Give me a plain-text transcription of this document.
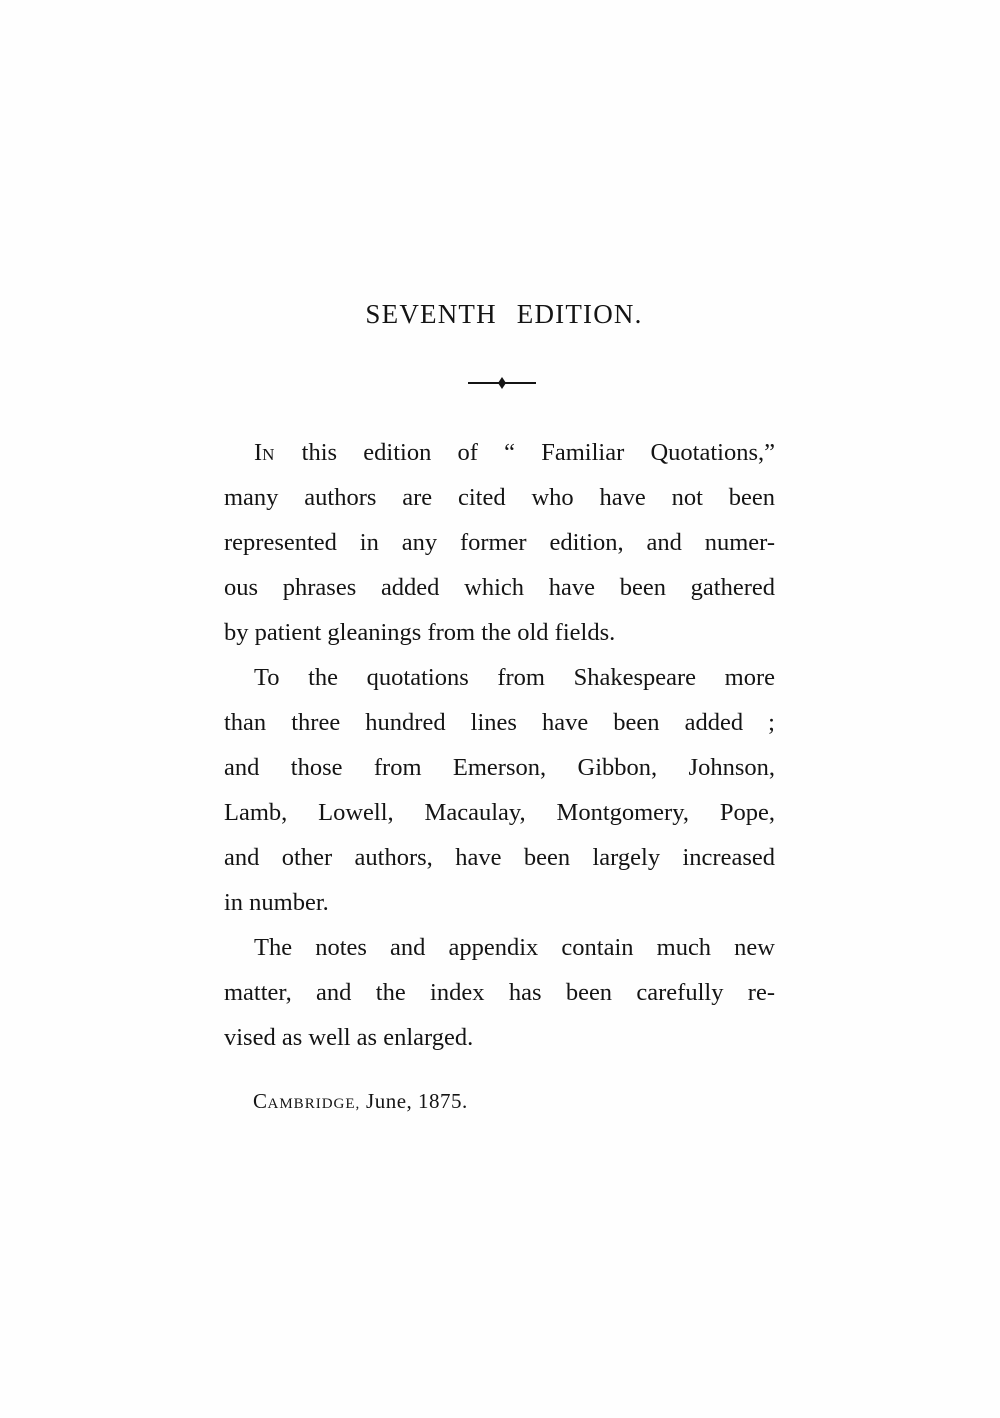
SEVENTH EDITION.
IN this edition of “ Familiar Quotations,”
many authors are cited who have not been
represented in any former edition, and numer-
ous phrases added which have been gathered
by patient gleanings from the old fields.
To the quotations from Shakespeare more
than three hundred lines have been added ;
and those from Emerson, Gibbon, Johnson,
Lamb, Lowell, Macaulay, Montgomery, Pope,
and other authors, have been largely increased
in number.
The notes and appendix contain much new
matter, and the index has been carefully re-
vised as well as enlarged.
CAMBRIDGE, June, 1875.
